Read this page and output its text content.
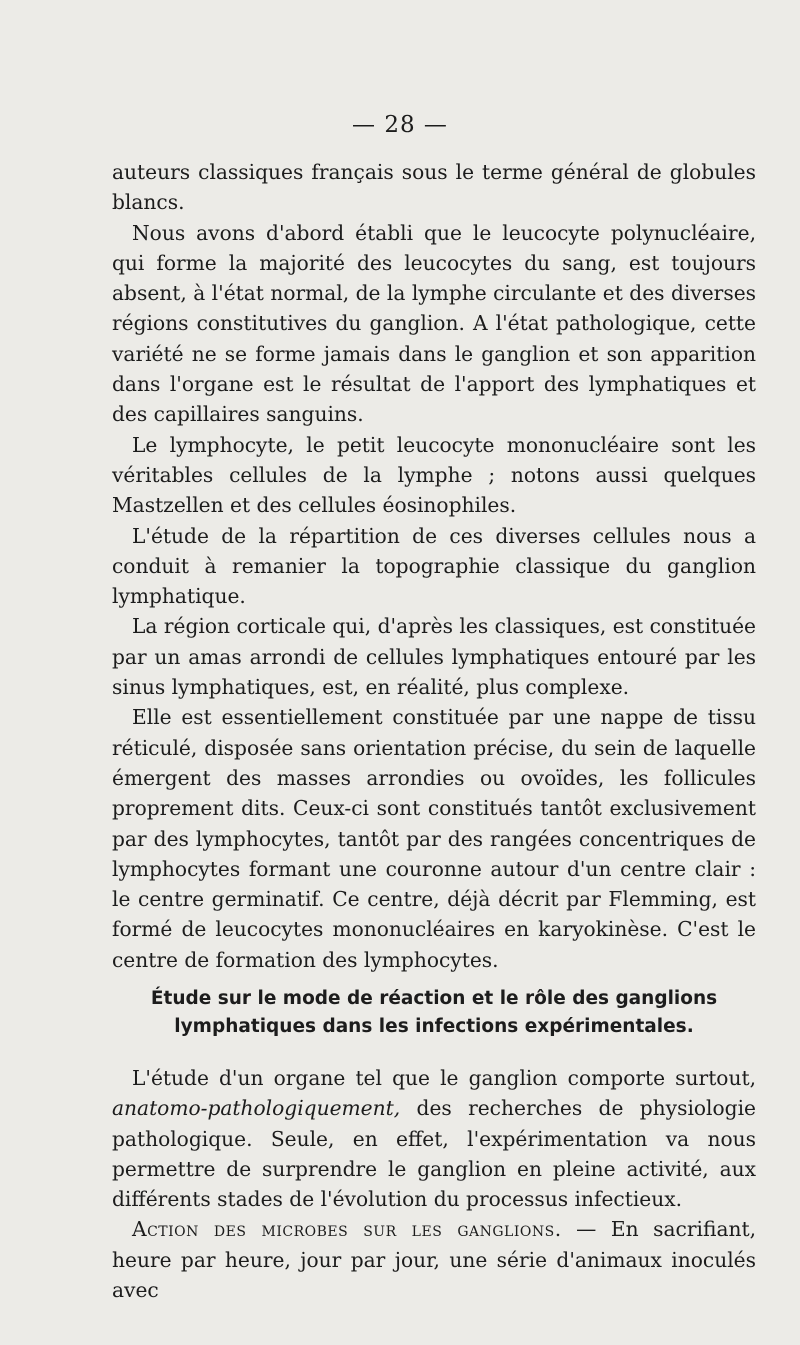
— 28 —

auteurs classiques français sous le terme général de globules blancs.

Nous avons d'abord établi que le leucocyte polynucléaire, qui forme la majorité des leucocytes du sang, est toujours absent, à l'état normal, de la lymphe circulante et des diverses régions constitutives du ganglion. A l'état pathologique, cette variété ne se forme jamais dans le ganglion et son apparition dans l'organe est le résultat de l'apport des lymphatiques et des capillaires sanguins.

Le lymphocyte, le petit leucocyte mononucléaire sont les véritables cellules de la lymphe ; notons aussi quelques Mastzellen et des cellules éosinophiles.

L'étude de la répartition de ces diverses cellules nous a conduit à remanier la topographie classique du ganglion lymphatique.

La région corticale qui, d'après les classiques, est constituée par un amas arrondi de cellules lymphatiques entouré par les sinus lymphatiques, est, en réalité, plus complexe.

Elle est essentiellement constituée par une nappe de tissu réticulé, disposée sans orientation précise, du sein de laquelle émergent des masses arrondies ou ovoïdes, les follicules proprement dits. Ceux-ci sont constitués tantôt exclusivement par des lymphocytes, tantôt par des rangées concentriques de lymphocytes formant une couronne autour d'un centre clair : le centre germinatif. Ce centre, déjà décrit par Flemming, est formé de leucocytes mononucléaires en karyokinèse. C'est le centre de formation des lymphocytes.

Étude sur le mode de réaction et le rôle des ganglions lymphatiques dans les infections expérimentales.

L'étude d'un organe tel que le ganglion comporte surtout, anatomo-pathologiquement, des recherches de physiologie pathologique. Seule, en effet, l'expérimentation va nous permettre de surprendre le ganglion en pleine activité, aux différents stades de l'évolution du processus infectieux.

Action des microbes sur les ganglions. — En sacrifiant, heure par heure, jour par jour, une série d'animaux inoculés avec
